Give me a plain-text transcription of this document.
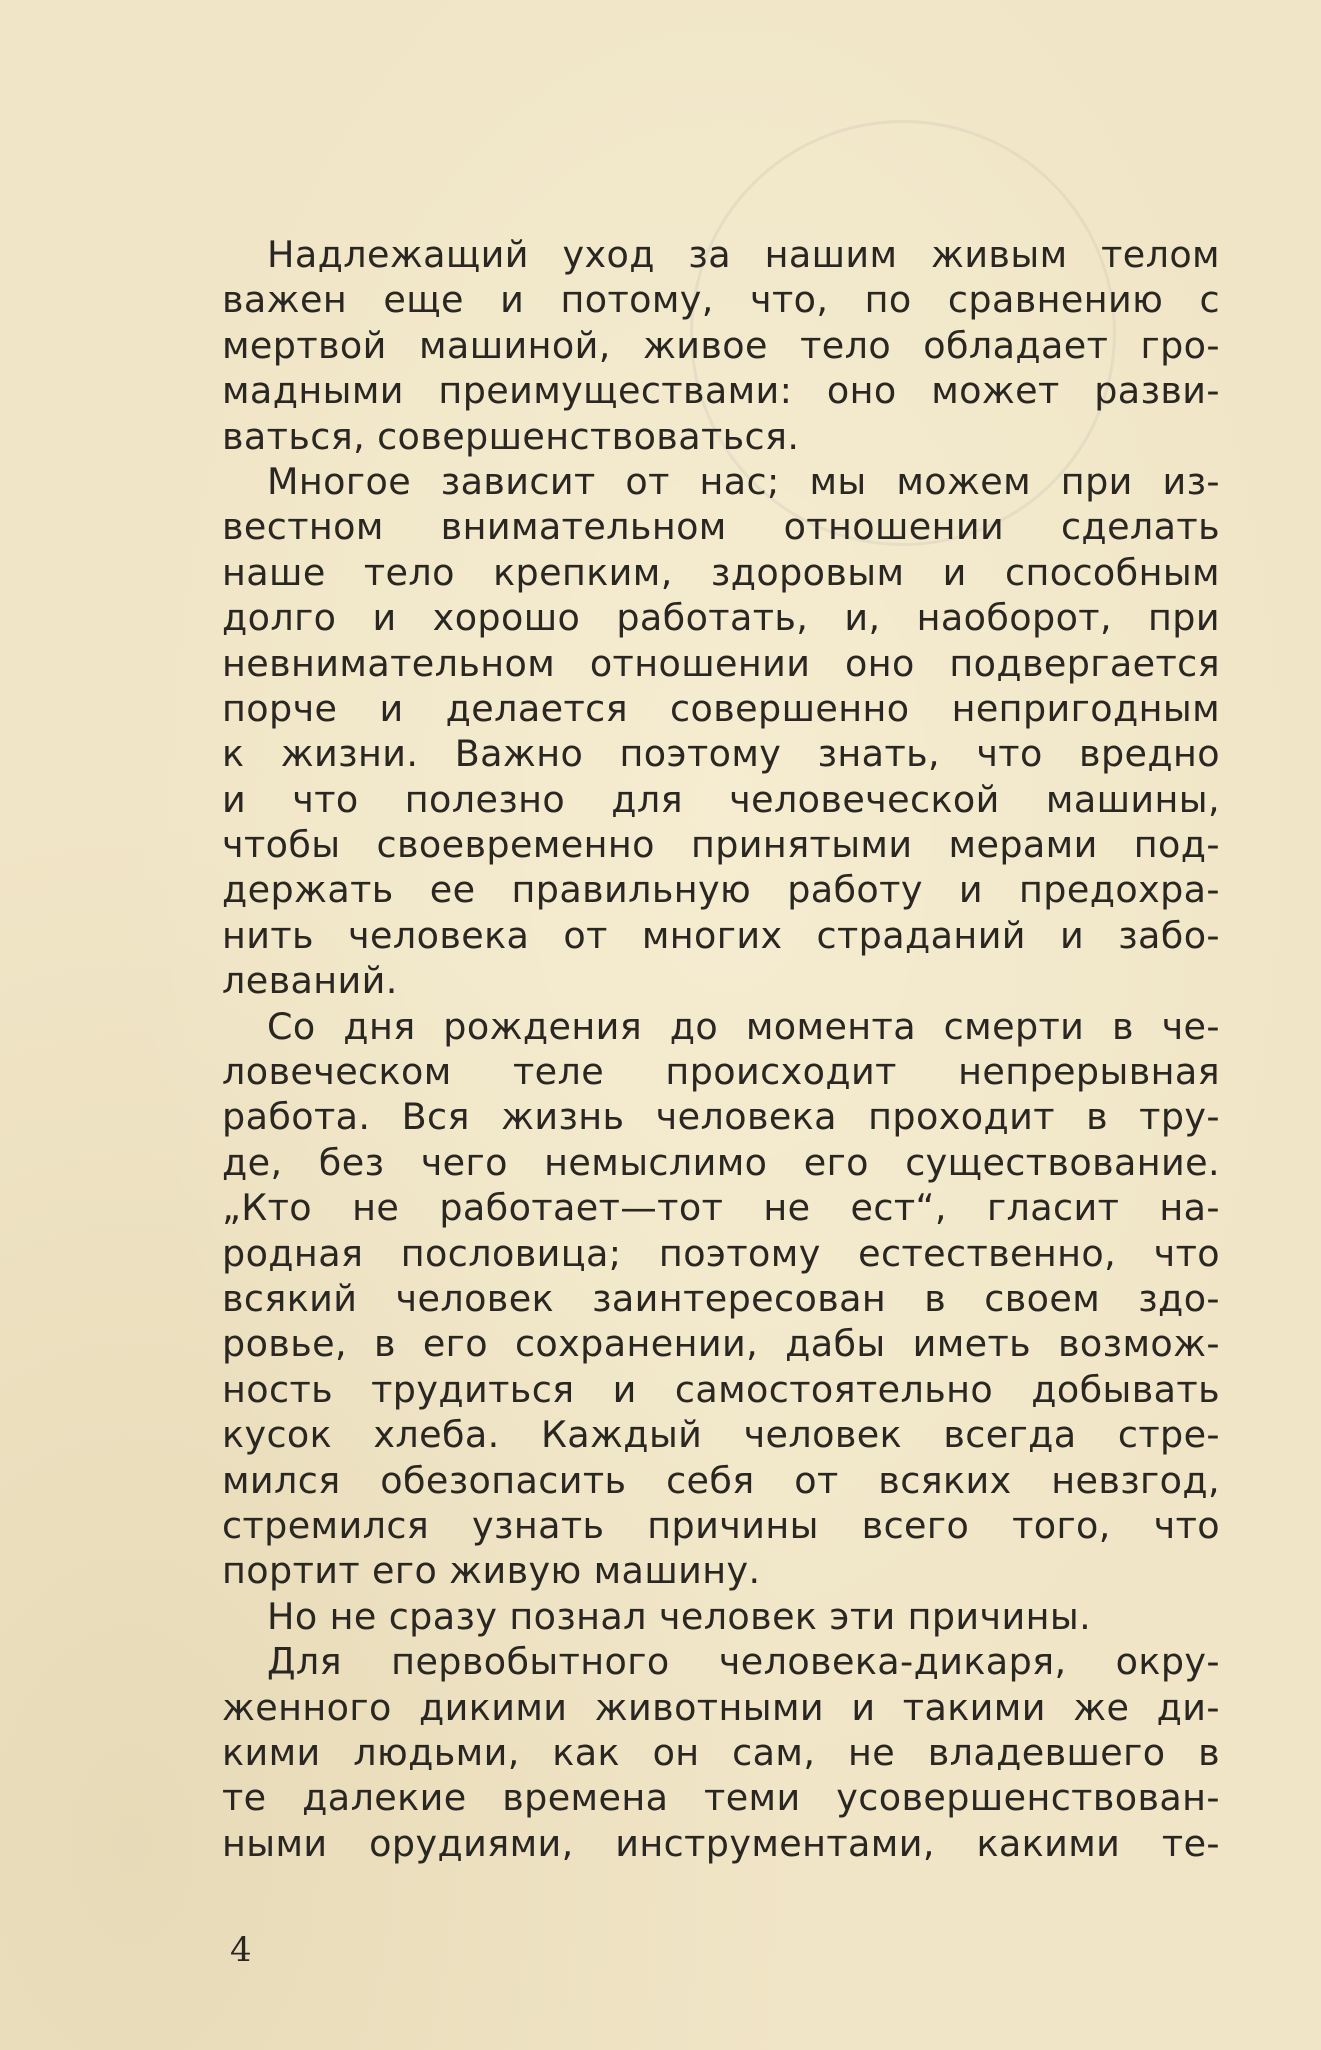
Надлежащий уход за нашим живым телом
важен еще и потому, что, по сравнению с
мертвой машиной, живое тело обладает гро-
мадными преимуществами: оно может разви-
ваться, совершенствоваться.
Многое зависит от нас; мы можем при из-
вестном внимательном отношении сделать
наше тело крепким, здоровым и способным
долго и хорошо работать, и, наоборот, при
невнимательном отношении оно подвергается
порче и делается совершенно непригодным
к жизни. Важно поэтому знать, что вредно
и что полезно для человеческой машины,
чтобы своевременно принятыми мерами под-
держать ее правильную работу и предохра-
нить человека от многих страданий и забо-
леваний.
Со дня рождения до момента смерти в че-
ловеческом теле происходит непрерывная
работа. Вся жизнь человека проходит в тру-
де, без чего немыслимо его существование.
„Кто не работает—тот не ест“, гласит на-
родная пословица; поэтому естественно, что
всякий человек заинтересован в своем здо-
ровье, в его сохранении, дабы иметь возмож-
ность трудиться и самостоятельно добывать
кусок хлеба. Каждый человек всегда стре-
мился обезопасить себя от всяких невзгод,
стремился узнать причины всего того, что
портит его живую машину.
Но не сразу познал человек эти причины.
Для первобытного человека-дикаря, окру-
женного дикими животными и такими же ди-
кими людьми, как он сам, не владевшего в
те далекие времена теми усовершенствован-
ными орудиями, инструментами, какими те-
4
